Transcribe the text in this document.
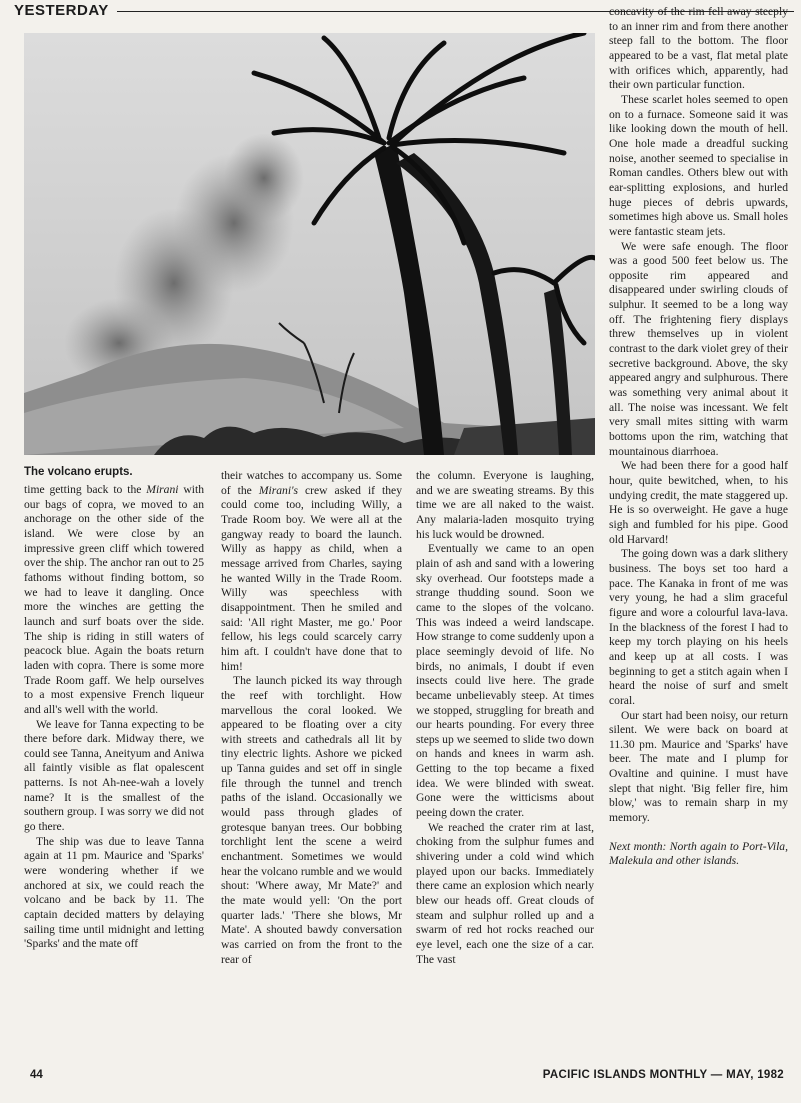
YESTERDAY
The volcano erupts.

time getting back to the Mirani with our bags of copra, we moved to an anchorage on the other side of the island. We were close by an impressive green cliff which towered over the ship. The anchor ran out to 25 fathoms without finding bottom, so we had to leave it dangling. Once more the winches are getting the launch and surf boats over the side. The ship is riding in still waters of peacock blue. Again the boats return laden with copra. There is some more Trade Room gaff. We help ourselves to a most expensive French liqueur and all's well with the world.

We leave for Tanna expecting to be there before dark. Midway there, we could see Tanna, Aneityum and Aniwa all faintly visible as flat opalescent patterns. Is not Ah-nee-wah a lovely name? It is the smallest of the southern group. I was sorry we did not go there.

The ship was due to leave Tanna again at 11 pm. Maurice and 'Sparks' were wondering whether if we anchored at six, we could reach the volcano and be back by 11. The captain decided matters by delaying sailing time until midnight and letting 'Sparks' and the mate off

their watches to accompany us. Some of the Mirani's crew asked if they could come too, including Willy, a Trade Room boy. We were all at the gangway ready to board the launch. Willy as happy as child, when a message arrived from Charles, saying he wanted Willy in the Trade Room. Willy was speechless with disappointment. Then he smiled and said: 'All right Master, me go.' Poor fellow, his legs could scarcely carry him aft. I couldn't have done that to him!

The launch picked its way through the reef with torchlight. How marvellous the coral looked. We appeared to be floating over a city with streets and cathedrals all lit by tiny electric lights. Ashore we picked up Tanna guides and set off in single file through the tunnel and trench paths of the island. Occasionally we would pass through glades of grotesque banyan trees. Our bobbing torchlight lent the scene a weird enchantment. Sometimes we would hear the volcano rumble and we would shout: 'Where away, Mr Mate?' and the mate would yell: 'On the port quarter lads.' 'There she blows, Mr Mate'. A shouted bawdy conversation was carried on from the front to the rear of

the column. Everyone is laughing, and we are sweating streams. By this time we are all naked to the waist. Any malaria-laden mosquito trying his luck would be drowned.

Eventually we came to an open plain of ash and sand with a lowering sky overhead. Our footsteps made a strange thudding sound. Soon we came to the slopes of the volcano. This was indeed a weird landscape. How strange to come suddenly upon a place seemingly devoid of life. No birds, no animals, I doubt if even insects could live here. The grade became unbelievably steep. At times we stopped, struggling for breath and our hearts pounding. For every three steps up we seemed to slide two down on hands and knees in warm ash. Getting to the top became a fixed idea. We were blinded with sweat. Gone were the witticisms about peeing down the crater.

We reached the crater rim at last, choking from the sulphur fumes and shivering under a cold wind which played upon our backs. Immediately there came an explosion which nearly blew our heads off. Great clouds of steam and sulphur rolled up and a swarm of red hot rocks reached our eye level, each one the size of a car. The vast

concavity of the rim fell away steeply to an inner rim and from there another steep fall to the bottom. The floor appeared to be a vast, flat metal plate with orifices which, apparently, had their own particular function.

These scarlet holes seemed to open on to a furnace. Someone said it was like looking down the mouth of hell. One hole made a dreadful sucking noise, another seemed to specialise in Roman candles. Others blew out with ear-splitting explosions, and hurled huge pieces of debris upwards, sometimes high above us. Small holes were fantastic steam jets.

We were safe enough. The floor was a good 500 feet below us. The opposite rim appeared and disappeared under swirling clouds of sulphur. It seemed to be a long way off. The frightening fiery displays threw themselves up in violent contrast to the dark violet grey of their secretive background. Above, the sky appeared angry and sulphurous. There was something very animal about it all. The noise was incessant. We felt very small mites sitting with warm bottoms upon the rim, watching that mountainous diarrhoea.

We had been there for a good half hour, quite bewitched, when, to his undying credit, the mate staggered up. He is so overweight. He gave a huge sigh and fumbled for his pipe. Good old Harvard!

The going down was a dark slithery business. The boys set too hard a pace. The Kanaka in front of me was very young, he had a slim graceful figure and wore a colourful lava-lava. In the blackness of the forest I had to keep my torch playing on his heels and keep up at all costs. I was beginning to get a stitch again when I heard the noise of surf and smelt coral.

Our start had been noisy, our return silent. We were back on board at 11.30 pm. Maurice and 'Sparks' have beer. The mate and I plump for Ovaltine and quinine. I must have slept that night. 'Big feller fire, him blow,' was to remain sharp in my memory.

Next month: North again to Port-Vila, Malekula and other islands.

44	PACIFIC ISLANDS MONTHLY — MAY, 1982
